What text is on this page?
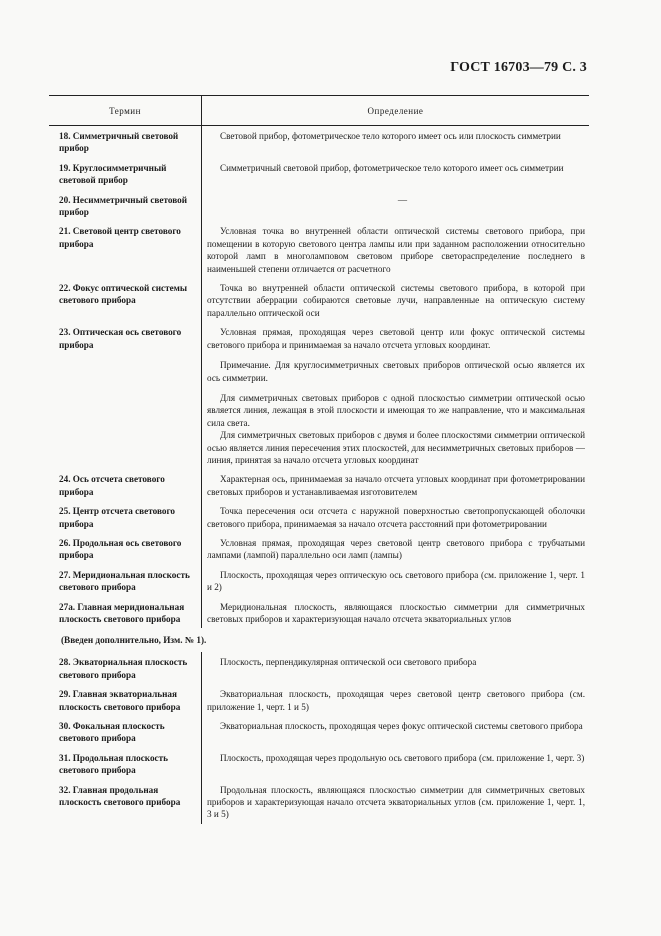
ГОСТ 16703—79 С. 3
Термин	Определение
18. Симметричный световой прибор

Световой прибор, фотометрическое тело которого имеет ось или плоскость симметрии

19. Круглосимметричный световой прибор

Симметричный световой прибор, фотометрическое тело которого имеет ось симметрии

20. Несимметричный световой прибор

—

21. Световой центр светового прибора

Условная точка во внутренней области оптической системы светового прибора, при помещении в которую светового центра лампы или при заданном расположении относительно которой ламп в многоламповом световом приборе светораспределение последнего в наименьшей степени отличается от расчетного

22. Фокус оптической системы светового прибора

Точка во внутренней области оптической системы светового прибора, в которой при отсутствии аберрации собираются световые лучи, направленные на оптическую систему параллельно оптической оси

23. Оптическая ось светового прибора

Условная прямая, проходящая через световой центр или фокус оптической системы светового прибора и принимаемая за начало отсчета угловых координат.

Примечание. Для круглосимметричных световых приборов оптической осью является их ось симметрии.

Для симметричных световых приборов с одной плоскостью симметрии оптической осью является линия, лежащая в этой плоскости и имеющая то же направление, что и максимальная сила света.

Для симметричных световых приборов с двумя и более плоскостями симметрии оптической осью является линия пересечения этих плоскостей, для несимметричных световых приборов — линия, принятая за начало отсчета угловых координат

24. Ось отсчета светового прибора

Характерная ось, принимаемая за начало отсчета угловых координат при фотометрировании световых приборов и устанавливаемая изготовителем

25. Центр отсчета светового прибора

Точка пересечения оси отсчета с наружной поверхностью светопропускающей оболочки светового прибора, принимаемая за начало отсчета расстояний при фотометрировании

26. Продольная ось светового прибора

Условная прямая, проходящая через световой центр светового прибора с трубчатыми лампами (лампой) параллельно оси ламп (лампы)

27. Меридиональная плоскость светового прибора

Плоскость, проходящая через оптическую ось светового прибора (см. приложение 1, черт. 1 и 2)

27а. Главная меридиональная плоскость светового прибора

Меридиональная плоскость, являющаяся плоскостью симметрии для симметричных световых приборов и характеризующая начало отсчета экваториальных углов

(Введен дополнительно, Изм. № 1).
28. Экваториальная плоскость светового прибора

Плоскость, перпендикулярная оптической оси светового прибора

29. Главная экваториальная плоскость светового прибора

Экваториальная плоскость, проходящая через световой центр светового прибора (см. приложение 1, черт. 1 и 5)

30. Фокальная плоскость светового прибора

Экваториальная плоскость, проходящая через фокус оптической системы светового прибора

31. Продольная плоскость светового прибора

Плоскость, проходящая через продольную ось светового прибора (см. приложение 1, черт. 3)

32. Главная продольная плоскость светового прибора

Продольная плоскость, являющаяся плоскостью симметрии для симметричных световых приборов и характеризующая начало отсчета экваториальных углов (см. приложение 1, черт. 1, 3 и 5)
